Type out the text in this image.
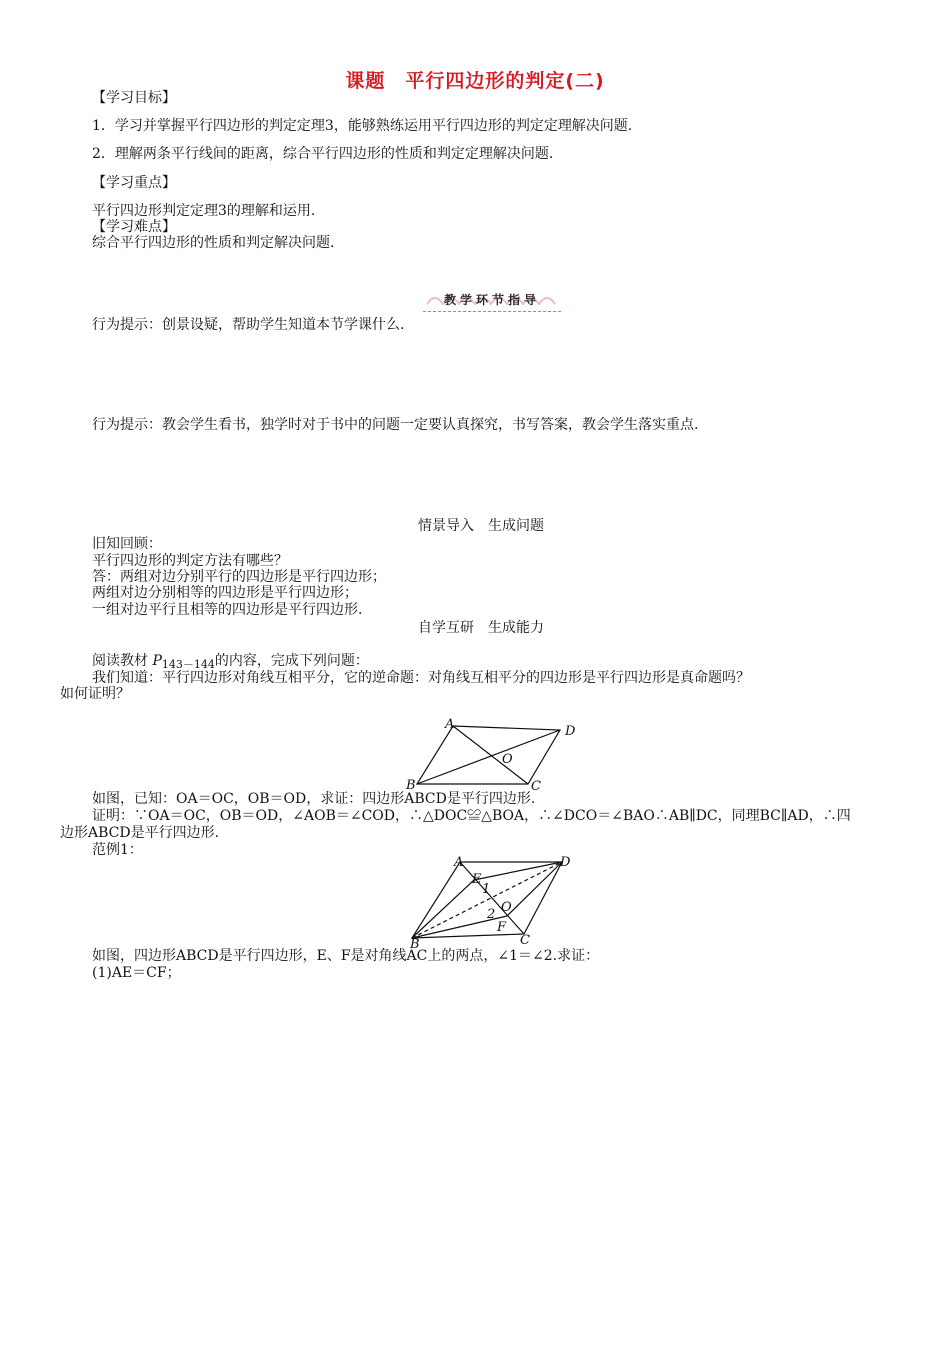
课题　平行四边形的判定(二)
【学习目标】
1．学习并掌握平行四边形的判定定理3，能够熟练运用平行四边形的判定定理解决问题.
2．理解两条平行线间的距离，综合平行四边形的性质和判定定理解决问题.
【学习重点】
平行四边形判定定理3的理解和运用.
【学习难点】
综合平行四边形的性质和判定解决问题.
教学环节指导
行为提示：创景设疑，帮助学生知道本节学课什么.
行为提示：教会学生看书，独学时对于书中的问题一定要认真探究，书写答案，教会学生落实重点.
情景导入　生成问题
旧知回顾：
平行四边形的判定方法有哪些？
答：两组对边分别平行的四边形是平行四边形；
两组对边分别相等的四边形是平行四边形；
一组对边平行且相等的四边形是平行四边形.
自学互研　生成能力
阅读教材 $P_{143-144}$的内容，完成下列问题：
我们知道：平行四边形对角线互相平分，它的逆命题：对角线互相平分的四边形是平行四边形是真命题吗？
如何证明？
A	D
B	C
O
如图，已知：OA＝OC，OB＝OD，求证：四边形ABCD是平行四边形.
证明：∵OA＝OC，OB＝OD，∠AOB＝∠COD，∴△DOC≌△BOA，∴∠DCO＝∠BAO∴AB∥DC，同理BC∥AD，∴四
边形ABCD是平行四边形.
范例1：
A	D
B	C
E
F
O
1
2
如图，四边形ABCD是平行四边形，E、F是对角线AC上的两点，∠1＝∠2.求证：
(1)AE＝CF；
